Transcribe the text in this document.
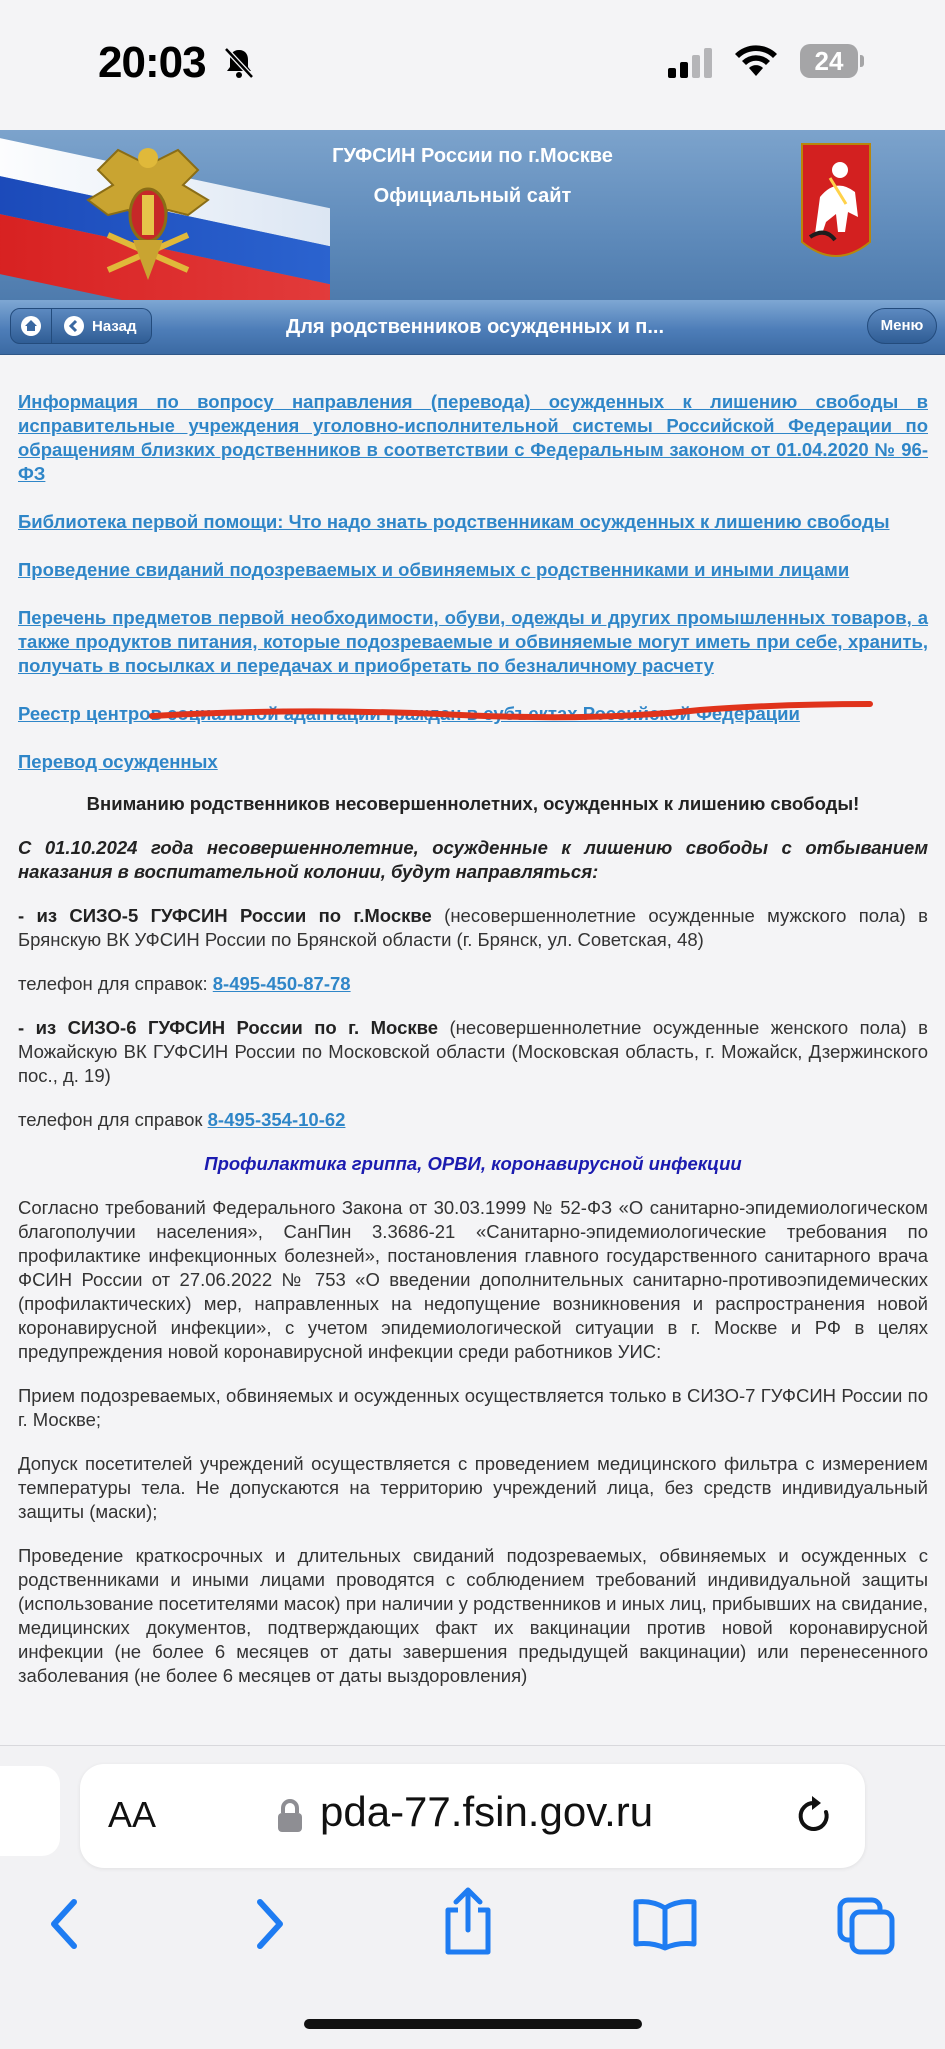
20:03	24
ГУФСИН России по г.Москве
Официальный сайт
Назад	Для родственников осужденных и п...	Меню
Информация по вопросу направления (перевода) осужденных к лишению свободы в исправительные учреждения уголовно-исполнительной системы Российской Федерации по обращениям близких родственников в соответствии с Федеральным законом от 01.04.2020 № 96-ФЗ
Библиотека первой помощи: Что надо знать родственникам осужденных к лишению свободы
Проведение свиданий подозреваемых и обвиняемых с родственниками и иными лицами
Перечень предметов первой необходимости, обуви, одежды и других промышленных товаров, а также продуктов питания, которые подозреваемые и обвиняемые могут иметь при себе, хранить, получать в посылках и передачах и приобретать по безналичному расчету
Реестр центров социальной адаптации граждан в субъектах Российской Федерации
Перевод осужденных

Вниманию родственников несовершеннолетних, осужденных к лишению свободы!

С 01.10.2024 года несовершеннолетние, осужденные к лишению свободы с отбыванием наказания в воспитательной колонии, будут направляться:

- из СИЗО-5 ГУФСИН России по г.Москве (несовершеннолетние осужденные мужского пола) в Брянскую ВК УФСИН России по Брянской области (г. Брянск, ул. Советская, 48)

телефон для справок: 8-495-450-87-78

- из СИЗО-6 ГУФСИН России по г. Москве (несовершеннолетние осужденные женского пола) в Можайскую ВК ГУФСИН России по Московской области (Московская область, г. Можайск, Дзержинского пос., д. 19)

телефон для справок 8-495-354-10-62

Профилактика гриппа, ОРВИ, коронавирусной инфекции

Согласно требований Федерального Закона от 30.03.1999 № 52-ФЗ «О санитарно-эпидемиологическом благополучии населения», СанПин 3.3686-21 «Санитарно-эпидемиологические требования по профилактике инфекционных болезней», постановления главного государственного санитарного врача ФСИН России от 27.06.2022 № 753 «О введении дополнительных санитарно-противоэпидемических (профилактических) мер, направленных на недопущение возникновения и распространения новой коронавирусной инфекции», с учетом эпидемиологической ситуации в г. Москве и РФ в целях предупреждения новой коронавирусной инфекции среди работников УИС:

Прием подозреваемых, обвиняемых и осужденных осуществляется только в СИЗО-7 ГУФСИН России по г. Москве;

Допуск посетителей учреждений осуществляется с проведением медицинского фильтра с измерением температуры тела. Не допускаются на территорию учреждений лица, без средств индивидуальный защиты (маски);

Проведение краткосрочных и длительных свиданий подозреваемых, обвиняемых и осужденных с родственниками и иными лицами проводятся с соблюдением требований индивидуальной защиты (использование посетителями масок) при наличии у родственников и иных лиц, прибывших на свидание, медицинских документов, подтверждающих факт их вакцинации против новой коронавирусной инфекции (не более 6 месяцев от даты завершения предыдущей вакцинации) или перенесенного заболевания (не более 6 месяцев от даты выздоровления)

AA	pda-77.fsin.gov.ru
